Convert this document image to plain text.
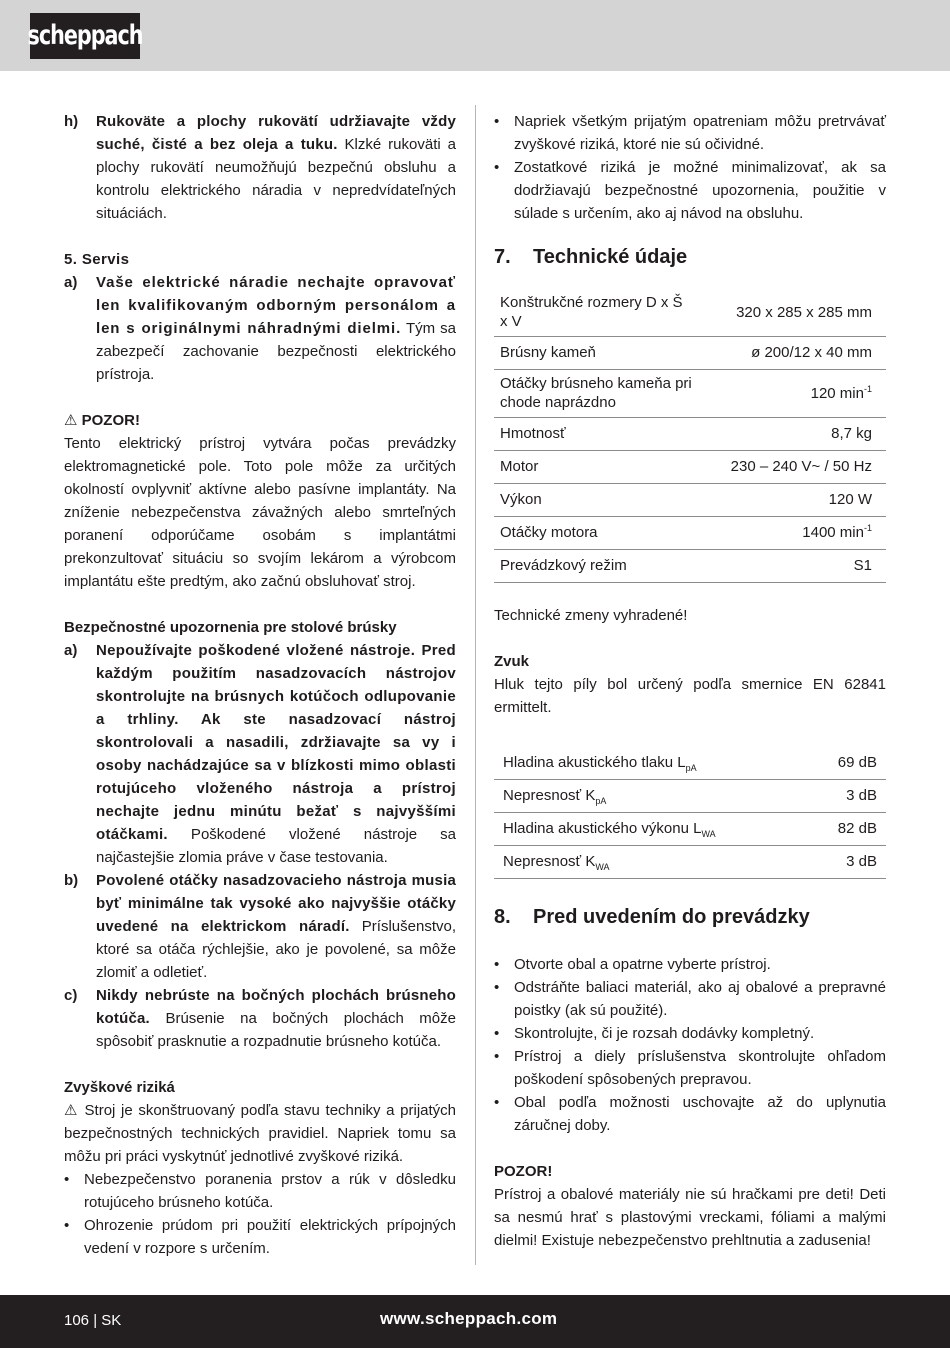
scheppach
h)	Rukoväte a plochy rukovätí udržiavajte vždy suché, čisté a bez oleja a tuku. Klzké rukoväti a plochy rukovätí neumožňujú bezpečnú obsluhu a kontrolu elektrického náradia v nepredvídateľných situáciách.
5. Servis
a)	Vaše elektrické náradie nechajte opravovať len kvalifikovaným odborným personálom a len s originálnymi náhradnými dielmi. Tým sa zabezpečí zachovanie bezpečnosti elektrického prístroja.
⚠ POZOR!

Tento elektrický prístroj vytvára počas prevádzky elektromagnetické pole. Toto pole môže za určitých okolností ovplyvniť aktívne alebo pasívne implantáty. Na zníženie nebezpečenstva závažných alebo smrteľných poranení odporúčame osobám s implantátmi prekonzultovať situáciu so svojím lekárom a výrobcom implantátu ešte predtým, ako začnú obsluhovať stroj.

Bezpečnostné upozornenia pre stolové brúsky
a)	Nepoužívajte poškodené vložené nástroje. Pred každým použitím nasadzovacích nástrojov skontrolujte na brúsnych kotúčoch odlupovanie a trhliny. Ak ste nasadzovací nástroj skontrolovali a nasadili, zdržiavajte sa vy i osoby nachádzajúce sa v blízkosti mimo oblasti rotujúceho vloženého nástroja a prístroj nechajte jednu minútu bežať s najvyššími otáčkami. Poškodené vložené nástroje sa najčastejšie zlomia práve v čase testovania.
b)	Povolené otáčky nasadzovacieho nástroja musia byť minimálne tak vysoké ako najvyššie otáčky uvedené na elektrickom náradí. Príslušenstvo, ktoré sa otáča rýchlejšie, ako je povolené, sa môže zlomiť a odletieť.
c)	Nikdy nebrúste na bočných plochách brúsneho kotúča. Brúsenie na bočných plochách môže spôsobiť prasknutie a rozpadnutie brúsneho kotúča.
Zvyškové riziká

⚠ Stroj je skonštruovaný podľa stavu techniky a prijatých bezpečnostných technických pravidiel. Napriek tomu sa môžu pri práci vyskytnúť jednotlivé zvyškové riziká.

• Nebezpečenstvo poranenia prstov a rúk v dôsledku rotujúceho brúsneho kotúča.
• Ohrozenie prúdom pri použití elektrických prípojných vedení v rozpore s určením.
• Napriek všetkým prijatým opatreniam môžu pretrvávať zvyškové riziká, ktoré nie sú očividné.
• Zostatkové riziká je možné minimalizovať, ak sa dodržiavajú bezpečnostné upozornenia, použitie v súlade s určením, ako aj návod na obsluhu.
7.	Technické údaje
Konštrukčné rozmery D x Š x V	320 x 285 x 285 mm
Brúsny kameň	ø 200/12 x 40 mm
Otáčky brúsneho kameňa pri chode naprázdno	120 $\min^{-1}$
Hmotnosť	8,7 kg
Motor	230 – 240 V~ / 50 Hz
Výkon	120 W
Otáčky motora	1400 $\min^{-1}$
Prevádzkový režim	S1

Technické zmeny vyhradené!

Zvuk

Hluk tejto píly bol určený podľa smernice EN 62841 ermittelt.

Hladina akustického tlaku $L_{pA}$	69 dB
Nepresnosť $K_{pA}$	3 dB
Hladina akustického výkonu $L_{WA}$	82 dB
Nepresnosť $K_{WA}$	3 dB
8.	Pred uvedením do prevádzky
• Otvorte obal a opatrne vyberte prístroj.
• Odstráňte baliaci materiál, ako aj obalové a prepravné poistky (ak sú použité).
• Skontrolujte, či je rozsah dodávky kompletný.
• Prístroj a diely príslušenstva skontrolujte ohľadom poškodení spôsobených prepravou.
• Obal podľa možnosti uschovajte až do uplynutia záručnej doby.
POZOR!

Prístroj a obalové materiály nie sú hračkami pre deti! Deti sa nesmú hrať s plastovými vreckami, fóliami a malými dielmi! Existuje nebezpečenstvo prehltnutia a zadusenia!

106 | SK	www.scheppach.com
